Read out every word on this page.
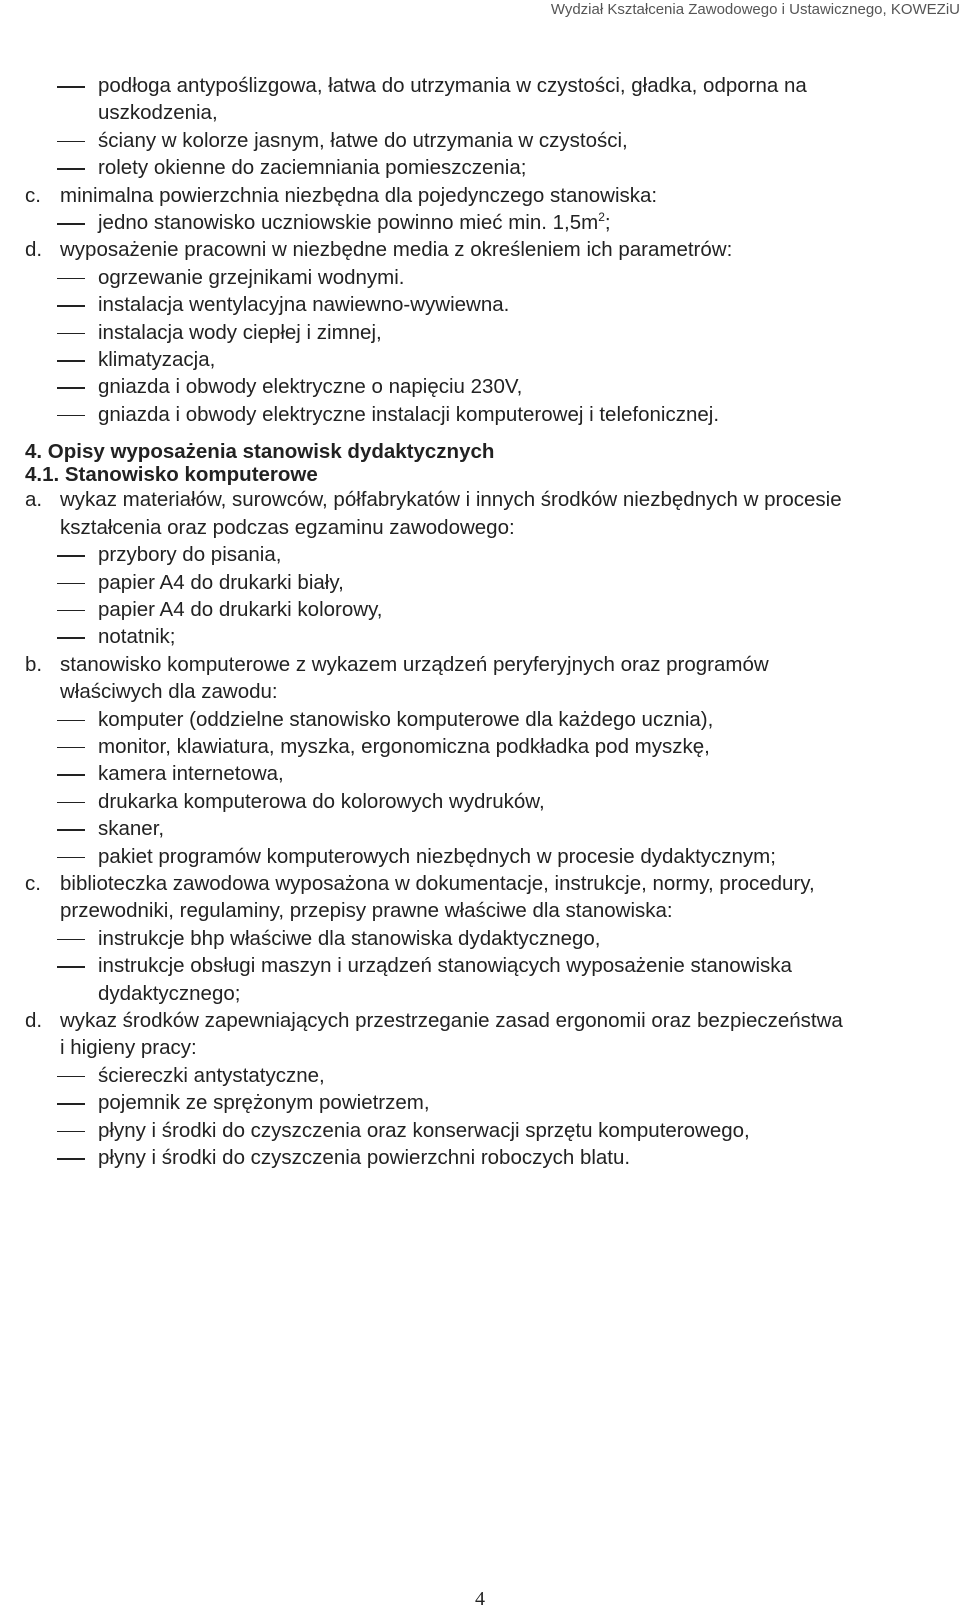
Wydział Kształcenia Zawodowego i Ustawicznego, KOWEZiU
podłoga antypoślizgowa, łatwa do utrzymania w czystości, gładka, odporna na
uszkodzenia,
ściany w kolorze jasnym, łatwe do utrzymania w czystości,
rolety okienne do zaciemniania pomieszczenia;
c. minimalna powierzchnia niezbędna dla pojedynczego stanowiska:
jedno stanowisko uczniowskie powinno mieć min. $1,5m^2$;
d. wyposażenie pracowni w niezbędne media z określeniem ich parametrów:
ogrzewanie grzejnikami wodnymi.
instalacja wentylacyjna nawiewno-wywiewna.
instalacja wody ciepłej i zimnej,
klimatyzacja,
gniazda i obwody elektryczne o napięciu 230V,
gniazda i obwody elektryczne instalacji komputerowej i telefonicznej.
4. Opisy wyposażenia stanowisk dydaktycznych
4.1. Stanowisko komputerowe
a. wykaz materiałów, surowców, półfabrykatów i innych środków niezbędnych w procesie
kształcenia oraz podczas egzaminu zawodowego:
przybory do pisania,
papier A4 do drukarki biały,
papier A4 do drukarki kolorowy,
notatnik;
b. stanowisko komputerowe z wykazem urządzeń peryferyjnych oraz programów
właściwych dla zawodu:
komputer (oddzielne stanowisko komputerowe dla każdego ucznia),
monitor, klawiatura, myszka, ergonomiczna podkładka pod myszkę,
kamera internetowa,
drukarka komputerowa do kolorowych wydruków,
skaner,
pakiet programów komputerowych niezbędnych w procesie dydaktycznym;
c. biblioteczka zawodowa wyposażona w dokumentacje, instrukcje, normy, procedury,
przewodniki, regulaminy, przepisy prawne właściwe dla stanowiska:
instrukcje bhp właściwe dla stanowiska dydaktycznego,
instrukcje obsługi maszyn i urządzeń stanowiących wyposażenie stanowiska
dydaktycznego;
d. wykaz środków zapewniających przestrzeganie zasad ergonomii oraz bezpieczeństwa
i higieny pracy:
ściereczki antystatyczne,
pojemnik ze sprężonym powietrzem,
płyny i środki do czyszczenia oraz konserwacji sprzętu komputerowego,
płyny i środki do czyszczenia powierzchni roboczych blatu.
4
